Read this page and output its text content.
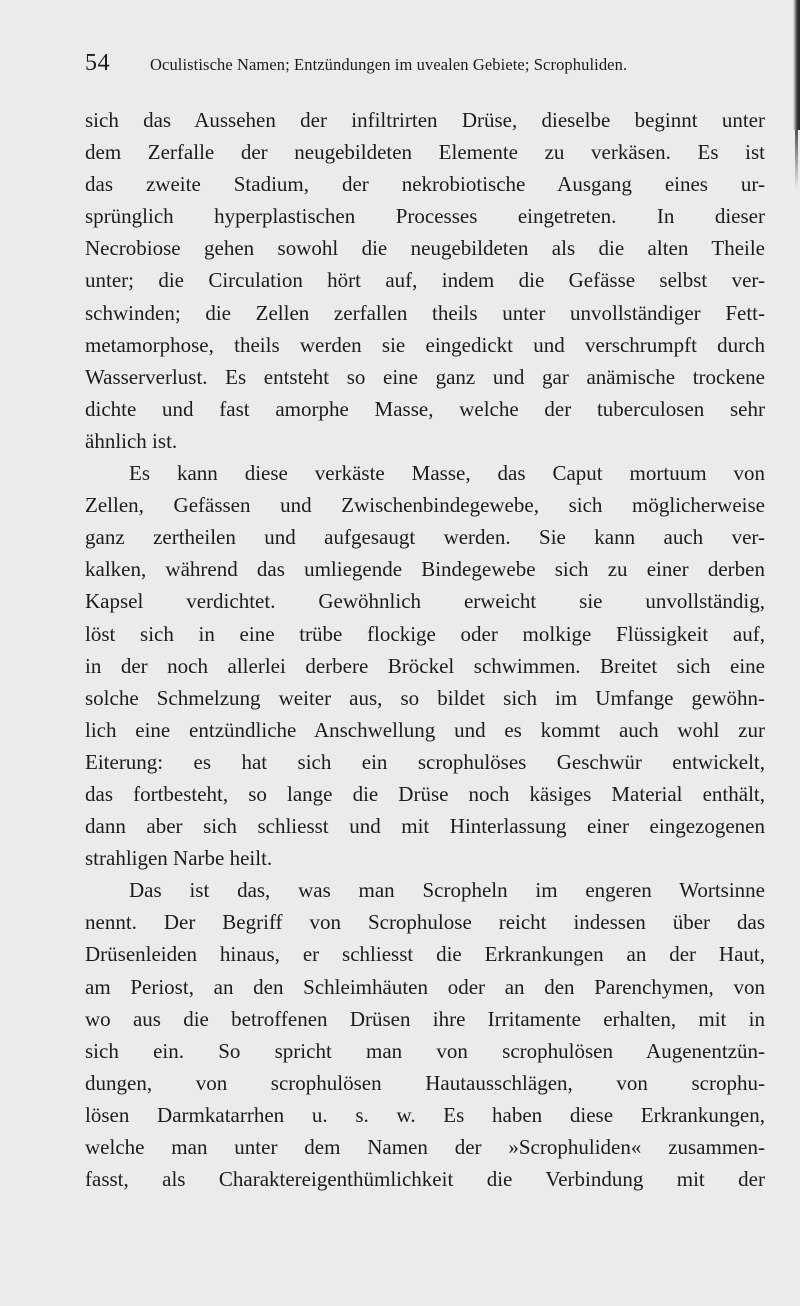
54 Oculistische Namen; Entzündungen im uvealen Gebiete; Scrophuliden.
sich das Aussehen der infiltrirten Drüse, dieselbe beginnt unter
dem Zerfalle der neugebildeten Elemente zu verkäsen. Es ist
das zweite Stadium, der nekrobiotische Ausgang eines ur-
sprünglich hyperplastischen Processes eingetreten. In dieser
Necrobiose gehen sowohl die neugebildeten als die alten Theile
unter; die Circulation hört auf, indem die Gefässe selbst ver-
schwinden; die Zellen zerfallen theils unter unvollständiger Fett-
metamorphose, theils werden sie eingedickt und verschrumpft durch
Wasserverlust. Es entsteht so eine ganz und gar anämische trockene
dichte und fast amorphe Masse, welche der tuberculosen sehr
ähnlich ist.
Es kann diese verkäste Masse, das Caput mortuum von
Zellen, Gefässen und Zwischenbindegewebe, sich möglicherweise
ganz zertheilen und aufgesaugt werden. Sie kann auch ver-
kalken, während das umliegende Bindegewebe sich zu einer derben
Kapsel verdichtet. Gewöhnlich erweicht sie unvollständig,
löst sich in eine trübe flockige oder molkige Flüssigkeit auf,
in der noch allerlei derbere Bröckel schwimmen. Breitet sich eine
solche Schmelzung weiter aus, so bildet sich im Umfange gewöhn-
lich eine entzündliche Anschwellung und es kommt auch wohl zur
Eiterung: es hat sich ein scrophulöses Geschwür entwickelt,
das fortbesteht, so lange die Drüse noch käsiges Material enthält,
dann aber sich schliesst und mit Hinterlassung einer eingezogenen
strahligen Narbe heilt.
Das ist das, was man Scropheln im engeren Wortsinne
nennt. Der Begriff von Scrophulose reicht indessen über das
Drüsenleiden hinaus, er schliesst die Erkrankungen an der Haut,
am Periost, an den Schleimhäuten oder an den Parenchymen, von
wo aus die betroffenen Drüsen ihre Irritamente erhalten, mit in
sich ein. So spricht man von scrophulösen Augenentzün-
dungen, von scrophulösen Hautausschlägen, von scrophu-
lösen Darmkatarrhen u. s. w. Es haben diese Erkrankungen,
welche man unter dem Namen der »Scrophuliden« zusammen-
fasst, als Charaktereigenthümlichkeit die Verbindung mit der
